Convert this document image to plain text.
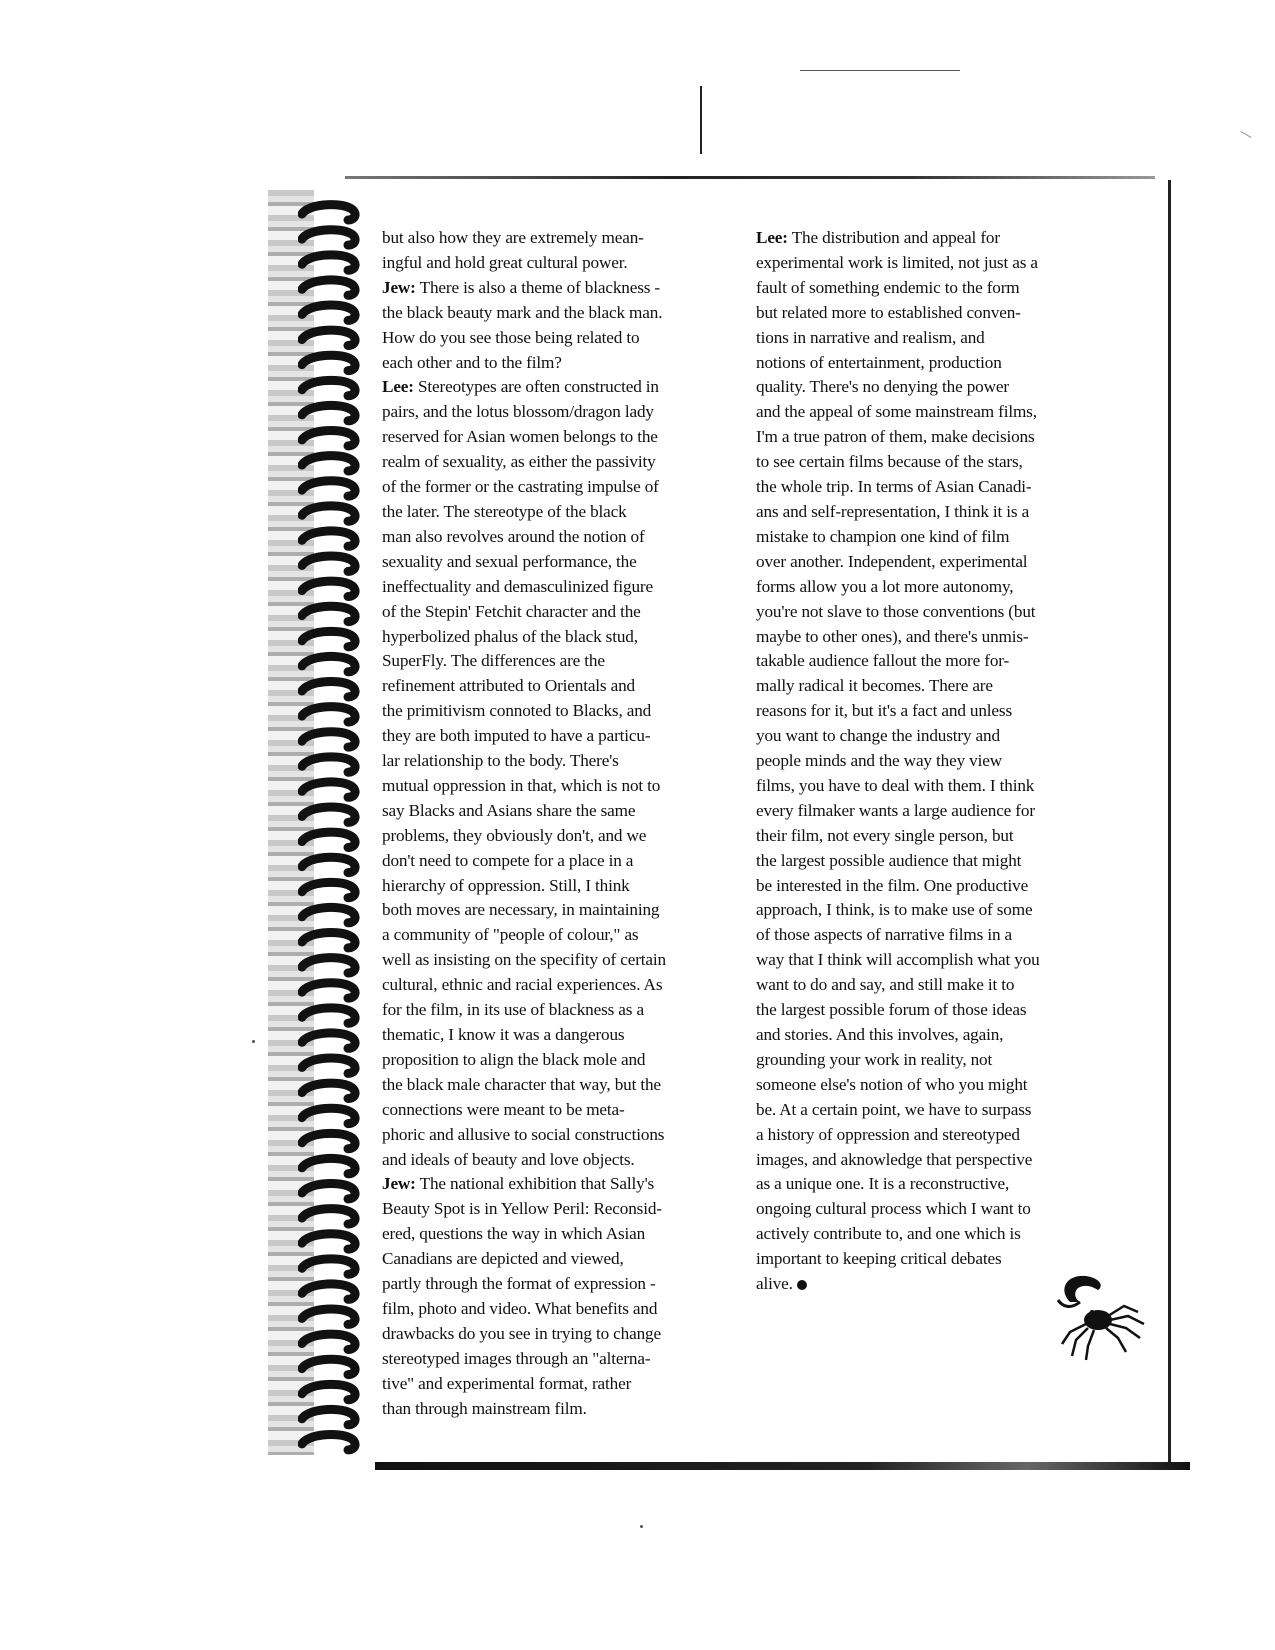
but also how they are extremely mean-
ingful and hold great cultural power.
Jew: There is also a theme of blackness -
the black beauty mark and the black man.
How do you see those being related to
each other and to the film?
Lee: Stereotypes are often constructed in
pairs, and the lotus blossom/dragon lady
reserved for Asian women belongs to the
realm of sexuality, as either the passivity
of the former or the castrating impulse of
the later. The stereotype of the black
man also revolves around the notion of
sexuality and sexual performance, the
ineffectuality and demasculinized figure
of the Stepin' Fetchit character and the
hyperbolized phalus of the black stud,
SuperFly. The differences are the
refinement attributed to Orientals and
the primitivism connoted to Blacks, and
they are both imputed to have a particu-
lar relationship to the body. There's
mutual oppression in that, which is not to
say Blacks and Asians share the same
problems, they obviously don't, and we
don't need to compete for a place in a
hierarchy of oppression. Still, I think
both moves are necessary, in maintaining
a community of "people of colour," as
well as insisting on the specifity of certain
cultural, ethnic and racial experiences. As
for the film, in its use of blackness as a
thematic, I know it was a dangerous
proposition to align the black mole and
the black male character that way, but the
connections were meant to be meta-
phoric and allusive to social constructions
and ideals of beauty and love objects.
Jew: The national exhibition that Sally's
Beauty Spot is in Yellow Peril: Reconsid-
ered, questions the way in which Asian
Canadians are depicted and viewed,
partly through the format of expression -
film, photo and video. What benefits and
drawbacks do you see in trying to change
stereotyped images through an "alterna-
tive" and experimental format, rather
than through mainstream film.
Lee: The distribution and appeal for
experimental work is limited, not just as a
fault of something endemic to the form
but related more to established conven-
tions in narrative and realism, and
notions of entertainment, production
quality. There's no denying the power
and the appeal of some mainstream films,
I'm a true patron of them, make decisions
to see certain films because of the stars,
the whole trip. In terms of Asian Canadi-
ans and self-representation, I think it is a
mistake to champion one kind of film
over another. Independent, experimental
forms allow you a lot more autonomy,
you're not slave to those conventions (but
maybe to other ones), and there's unmis-
takable audience fallout the more for-
mally radical it becomes. There are
reasons for it, but it's a fact and unless
you want to change the industry and
people minds and the way they view
films, you have to deal with them. I think
every filmaker wants a large audience for
their film, not every single person, but
the largest possible audience that might
be interested in the film. One productive
approach, I think, is to make use of some
of those aspects of narrative films in a
way that I think will accomplish what you
want to do and say, and still make it to
the largest possible forum of those ideas
and stories. And this involves, again,
grounding your work in reality, not
someone else's notion of who you might
be. At a certain point, we have to surpass
a history of oppression and stereotyped
images, and aknowledge that perspective
as a unique one. It is a reconstructive,
ongoing cultural process which I want to
actively contribute to, and one which is
important to keeping critical debates
alive.
